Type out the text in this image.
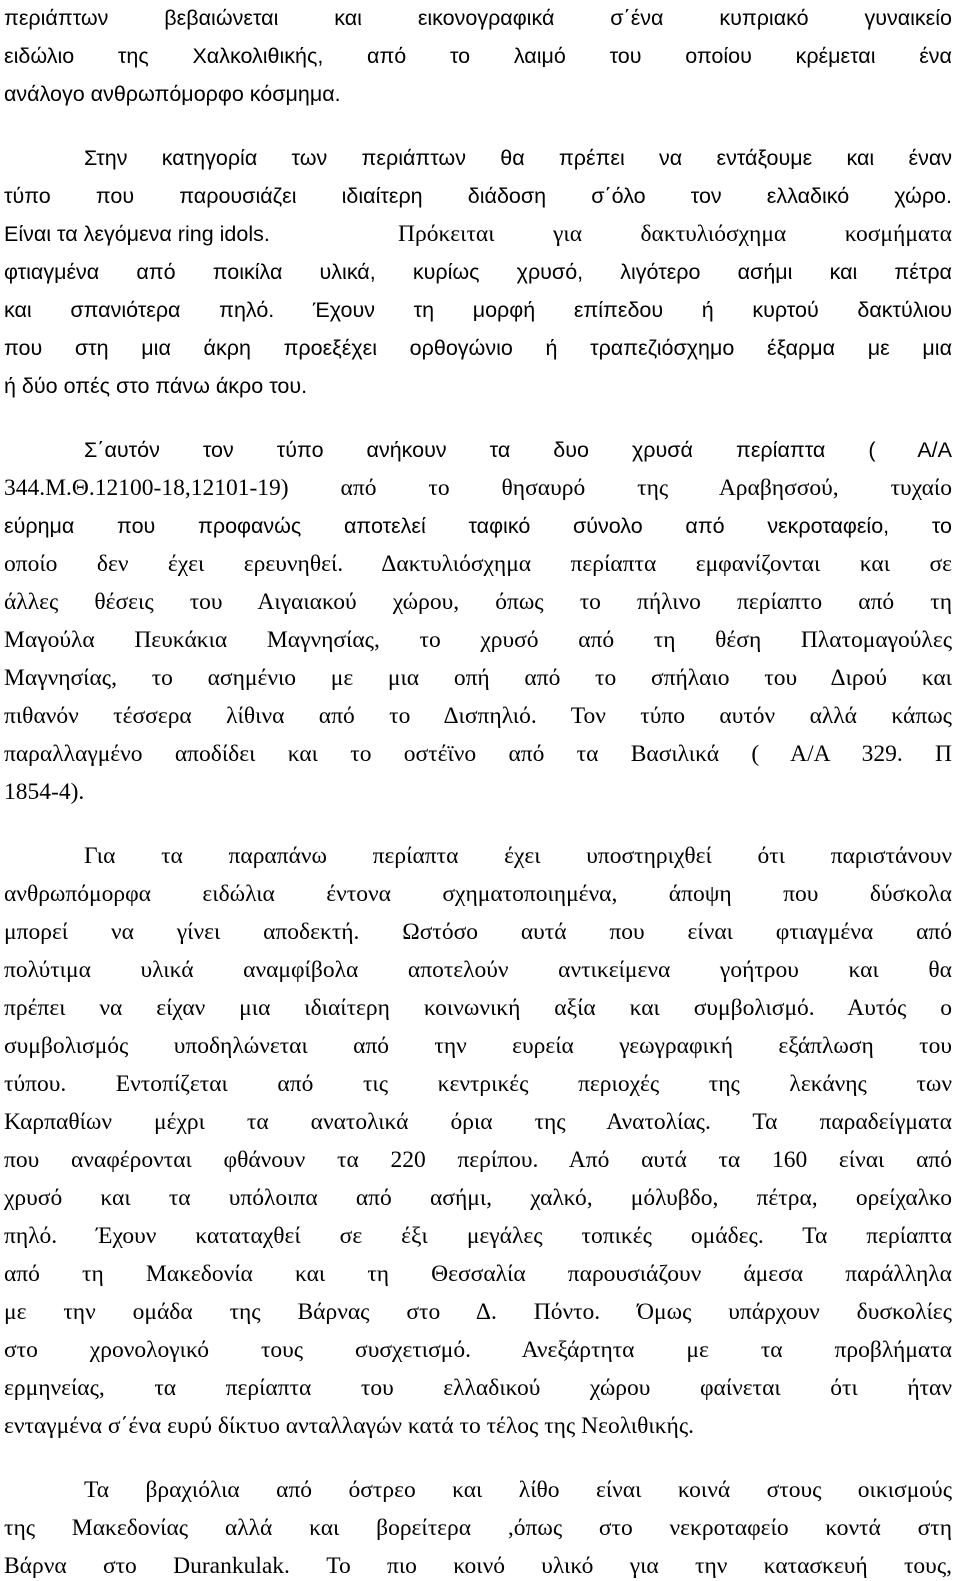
περιάπτων βεβαιώνεται και εικονογραφικά σ΄ένα κυπριακό γυναικείο
ειδώλιο της Χαλκολιθικής, από το λαιμό του οποίου κρέμεται ένα
ανάλογο ανθρωπόμορφο κόσμημα.
Στην κατηγορία των περιάπτων θα πρέπει να εντάξουμε και έναν
τύπο που παρουσιάζει ιδιαίτερη διάδοση σ΄όλο τον ελλαδικό χώρο.
Είναι τα λεγόμενα ring idols.	Πρόκειται για δακτυλιόσχημα κοσμήματα
φτιαγμένα από ποικίλα υλικά, κυρίως χρυσό, λιγότερο ασήμι και πέτρα
και σπανιότερα πηλό. Έχουν τη μορφή επίπεδου ή κυρτού δακτύλιου
που στη μια άκρη προεξέχει ορθογώνιο ή τραπεζιόσχημο έξαρμα με μια
ή δύο οπές στο πάνω άκρο του.
Σ΄αυτόν τον τύπο ανήκουν τα δυο χρυσά περίαπτα ( Α/Α
344.Μ.Θ.12100-18,12101-19) από το θησαυρό της Αραβησσού, τυχαίο
εύρημα που προφανώς αποτελεί ταφικό σύνολο από νεκροταφείο, το
οποίο δεν έχει ερευνηθεί. Δακτυλιόσχημα περίαπτα εμφανίζονται και σε
άλλες θέσεις του Αιγαιακού χώρου, όπως το πήλινο περίαπτο από τη
Μαγούλα Πευκάκια Μαγνησίας, το χρυσό από τη θέση Πλατομαγούλες
Μαγνησίας, το ασημένιο με μια οπή από το σπήλαιο του Διρού και
πιθανόν τέσσερα λίθινα από το Δισπηλιό. Τον τύπο αυτόν αλλά κάπως
παραλλαγμένο αποδίδει και το οστέϊνο από τα Βασιλικά ( Α/Α 329. Π
1854-4).
Για τα παραπάνω περίαπτα έχει υποστηριχθεί ότι παριστάνουν
ανθρωπόμορφα ειδώλια έντονα σχηματοποιημένα, άποψη που δύσκολα
μπορεί να γίνει αποδεκτή. Ωστόσο αυτά που είναι φτιαγμένα από
πολύτιμα υλικά αναμφίβολα αποτελούν αντικείμενα γοήτρου και θα
πρέπει να είχαν μια ιδιαίτερη κοινωνική αξία και συμβολισμό. Αυτός ο
συμβολισμός υποδηλώνεται από την ευρεία γεωγραφική εξάπλωση του
τύπου. Εντοπίζεται από τις κεντρικές περιοχές της λεκάνης των
Καρπαθίων μέχρι τα ανατολικά όρια της Ανατολίας. Τα παραδείγματα
που αναφέρονται φθάνουν τα 220 περίπου. Από αυτά τα 160 είναι από
χρυσό και τα υπόλοιπα από ασήμι, χαλκό, μόλυβδο, πέτρα, ορείχαλκο
πηλό. Έχουν καταταχθεί σε έξι μεγάλες τοπικές ομάδες. Τα περίαπτα
από τη Μακεδονία και τη Θεσσαλία παρουσιάζουν άμεσα παράλληλα
με την ομάδα της Βάρνας στο Δ. Πόντο. Όμως υπάρχουν δυσκολίες
στο χρονολογικό τους συσχετισμό. Ανεξάρτητα με τα προβλήματα
ερμηνείας, τα περίαπτα του ελλαδικού χώρου φαίνεται ότι ήταν
ενταγμένα σ΄ένα ευρύ δίκτυο ανταλλαγών κατά το τέλος της Νεολιθικής.
Τα βραχιόλια από όστρεο και λίθο είναι κοινά στους οικισμούς
της Μακεδονίας αλλά και βορείτερα ,όπως στο νεκροταφείο κοντά στη
Βάρνα στο Durankulak. Το πιο κοινό υλικό για την κατασκευή τους,
